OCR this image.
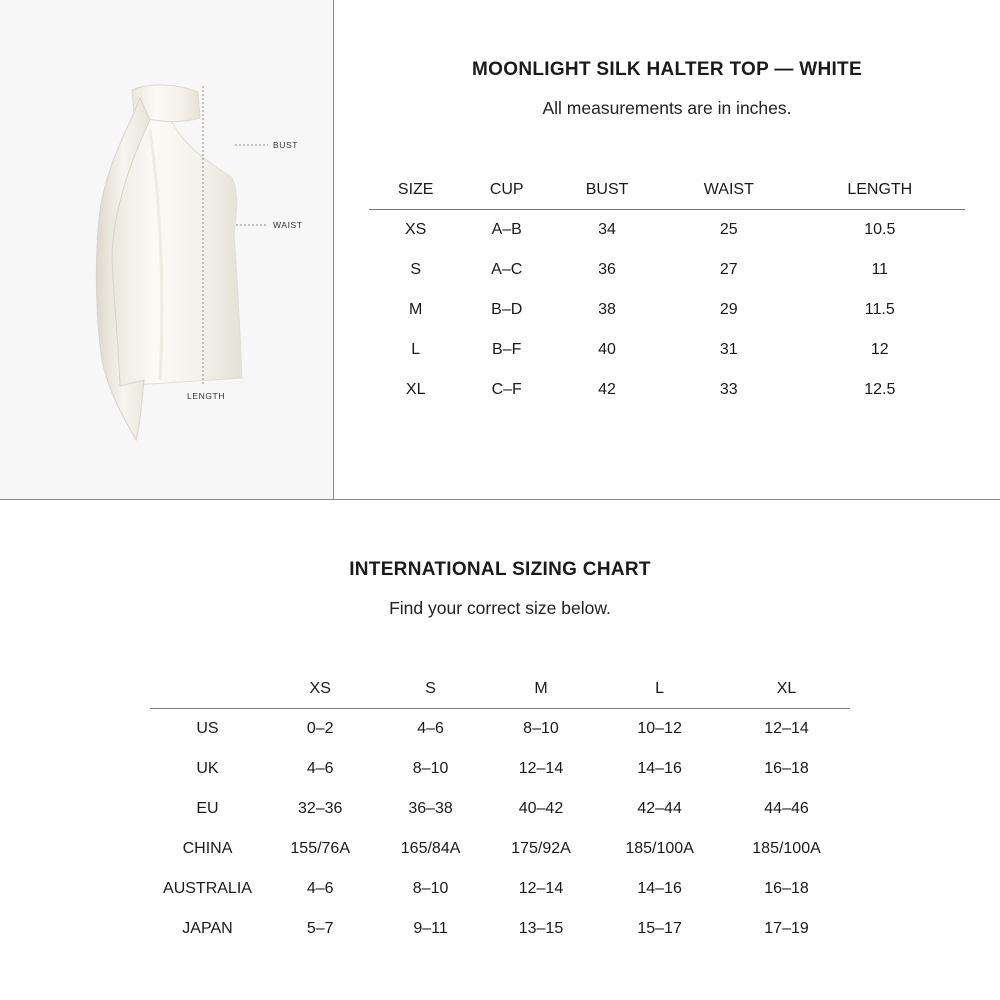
BUST
WAIST
LENGTH
MOONLIGHT SILK HALTER TOP — WHITE
All measurements are in inches.
SIZE	CUP	BUST	WAIST	LENGTH
XS	A–B	34	25	10.5
S	A–C	36	27	11
M	B–D	38	29	11.5
L	B–F	40	31	12
XL	C–F	42	33	12.5
INTERNATIONAL SIZING CHART
Find your correct size below.
	XS	S	M	L	XL
US	0–2	4–6	8–10	10–12	12–14
UK	4–6	8–10	12–14	14–16	16–18
EU	32–36	36–38	40–42	42–44	44–46
CHINA	155/76A	165/84A	175/92A	185/100A	185/100A
AUSTRALIA	4–6	8–10	12–14	14–16	16–18
JAPAN	5–7	9–11	13–15	15–17	17–19
